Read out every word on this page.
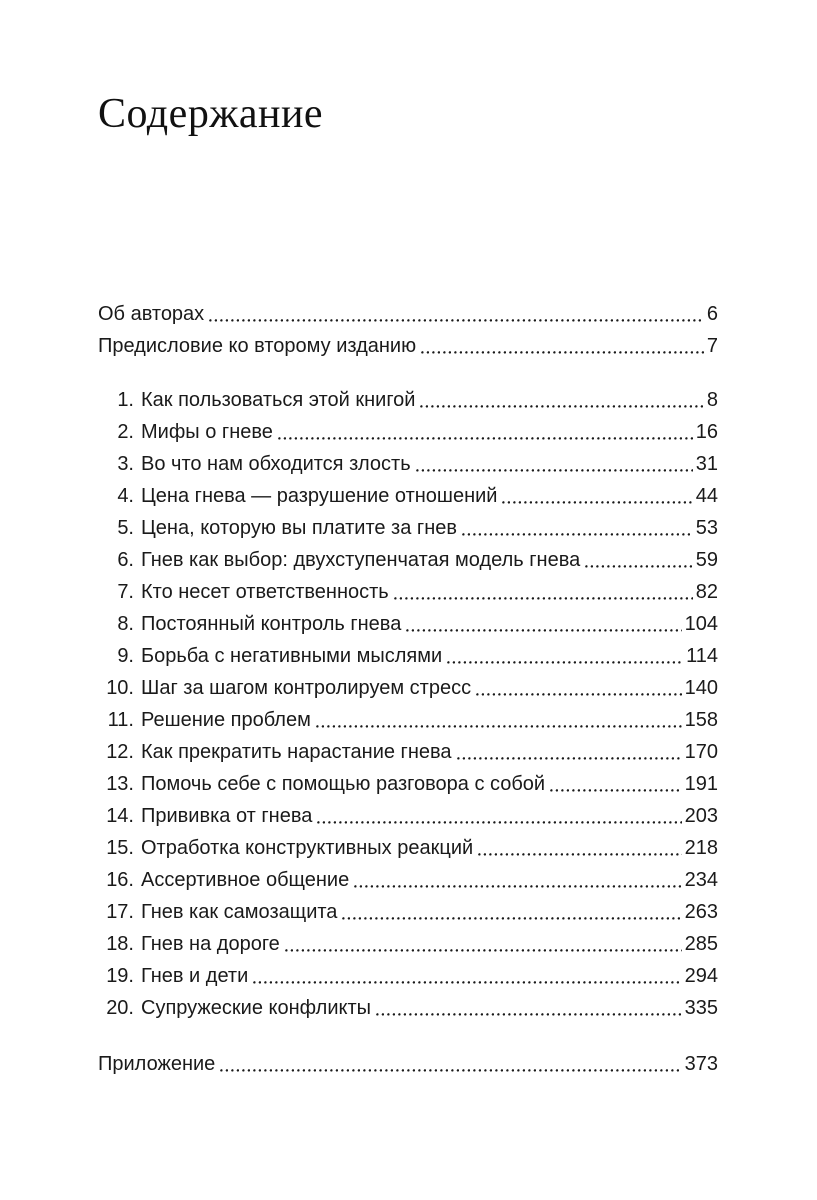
Содержание
Об авторах	6
Предисловие ко второму изданию	7
1. Как пользоваться этой книгой	8
2. Мифы о гневе	16
3. Во что нам обходится злость	31
4. Цена гнева — разрушение отношений	44
5. Цена, которую вы платите за гнев	53
6. Гнев как выбор: двухступенчатая модель гнева	59
7. Кто несет ответственность	82
8. Постоянный контроль гнева	104
9. Борьба с негативными мыслями	114
10. Шаг за шагом контролируем стресс	140
11. Решение проблем	158
12. Как прекратить нарастание гнева	170
13. Помочь себе с помощью разговора с собой	191
14. Прививка от гнева	203
15. Отработка конструктивных реакций	218
16. Ассертивное общение	234
17. Гнев как самозащита	263
18. Гнев на дороге	285
19. Гнев и дети	294
20. Супружеские конфликты	335
Приложение	373
